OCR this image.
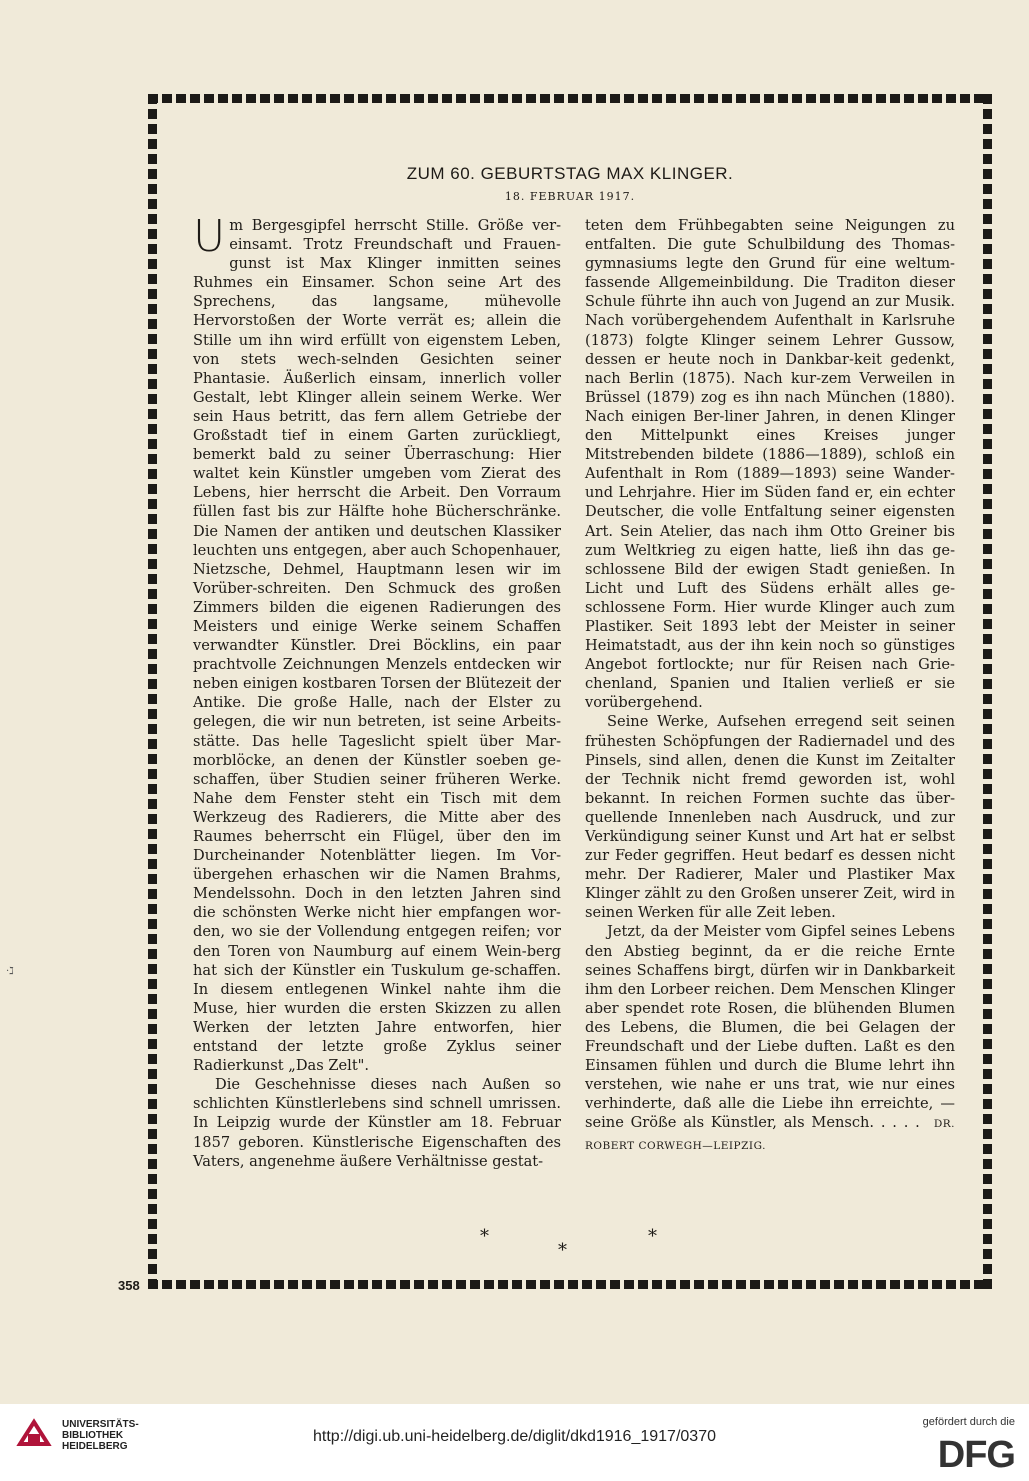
ZUM 60. GEBURTSTAG MAX KLINGER.
18. FEBRUAR 1917.

Um Bergesgipfel herrscht Stille. Größe ver-einsamt. Trotz Freundschaft und Frauen-gunst ist Max Klinger inmitten seines Ruhmes ein Einsamer. Schon seine Art des Sprechens, das langsame, mühevolle Hervorstoßen der Worte verrät es; allein die Stille um ihn wird erfüllt von eigenstem Leben, von stets wech-selnden Gesichten seiner Phantasie. Äußerlich einsam, innerlich voller Gestalt, lebt Klinger allein seinem Werke. Wer sein Haus betritt, das fern allem Getriebe der Großstadt tief in einem Garten zurückliegt, bemerkt bald zu seiner Überraschung: Hier waltet kein Künstler umgeben vom Zierat des Lebens, hier herrscht die Arbeit. Den Vorraum füllen fast bis zur Hälfte hohe Bücherschränke. Die Namen der antiken und deutschen Klassiker leuchten uns entgegen, aber auch Schopenhauer, Nietzsche, Dehmel, Hauptmann lesen wir im Vorüber-schreiten. Den Schmuck des großen Zimmers bilden die eigenen Radierungen des Meisters und einige Werke seinem Schaffen verwandter Künstler. Drei Böcklins, ein paar prachtvolle Zeichnungen Menzels entdecken wir neben einigen kostbaren Torsen der Blütezeit der Antike. Die große Halle, nach der Elster zu gelegen, die wir nun betreten, ist seine Arbeits-stätte. Das helle Tageslicht spielt über Mar-morblöcke, an denen der Künstler soeben ge-schaffen, über Studien seiner früheren Werke. Nahe dem Fenster steht ein Tisch mit dem Werkzeug des Radierers, die Mitte aber des Raumes beherrscht ein Flügel, über den im Durcheinander Notenblätter liegen. Im Vor-übergehen erhaschen wir die Namen Brahms, Mendelssohn. Doch in den letzten Jahren sind die schönsten Werke nicht hier empfangen wor-den, wo sie der Vollendung entgegen reifen; vor den Toren von Naumburg auf einem Wein-berg hat sich der Künstler ein Tuskulum ge-schaffen. In diesem entlegenen Winkel nahte ihm die Muse, hier wurden die ersten Skizzen zu allen Werken der letzten Jahre entworfen, hier entstand der letzte große Zyklus seiner Radierkunst „Das Zelt".

Die Geschehnisse dieses nach Außen so schlichten Künstlerlebens sind schnell umrissen. In Leipzig wurde der Künstler am 18. Februar 1857 geboren. Künstlerische Eigenschaften des Vaters, angenehme äußere Verhältnisse gestat-

teten dem Frühbegabten seine Neigungen zu entfalten. Die gute Schulbildung des Thomas-gymnasiums legte den Grund für eine weltum-fassende Allgemeinbildung. Die Traditon dieser Schule führte ihn auch von Jugend an zur Musik. Nach vorübergehendem Aufenthalt in Karlsruhe (1873) folgte Klinger seinem Lehrer Gussow, dessen er heute noch in Dankbar-keit gedenkt, nach Berlin (1875). Nach kur-zem Verweilen in Brüssel (1879) zog es ihn nach München (1880). Nach einigen Ber-liner Jahren, in denen Klinger den Mittelpunkt eines Kreises junger Mitstrebenden bildete (1886—1889), schloß ein Aufenthalt in Rom (1889—1893) seine Wander- und Lehrjahre. Hier im Süden fand er, ein echter Deutscher, die volle Entfaltung seiner eigensten Art. Sein Atelier, das nach ihm Otto Greiner bis zum Weltkrieg zu eigen hatte, ließ ihn das ge-schlossene Bild der ewigen Stadt genießen. In Licht und Luft des Südens erhält alles ge-schlossene Form. Hier wurde Klinger auch zum Plastiker. Seit 1893 lebt der Meister in seiner Heimatstadt, aus der ihn kein noch so günstiges Angebot fortlockte; nur für Reisen nach Grie-chenland, Spanien und Italien verließ er sie vorübergehend.

Seine Werke, Aufsehen erregend seit seinen frühesten Schöpfungen der Radiernadel und des Pinsels, sind allen, denen die Kunst im Zeitalter der Technik nicht fremd geworden ist, wohl bekannt. In reichen Formen suchte das über-quellende Innenleben nach Ausdruck, und zur Verkündigung seiner Kunst und Art hat er selbst zur Feder gegriffen. Heut bedarf es dessen nicht mehr. Der Radierer, Maler und Plastiker Max Klinger zählt zu den Großen unserer Zeit, wird in seinen Werken für alle Zeit leben.

Jetzt, da der Meister vom Gipfel seines Lebens den Abstieg beginnt, da er die reiche Ernte seines Schaffens birgt, dürfen wir in Dankbarkeit ihm den Lorbeer reichen. Dem Menschen Klinger aber spendet rote Rosen, die blühenden Blumen des Lebens, die Blumen, die bei Gelagen der Freundschaft und der Liebe duften. Laßt es den Einsamen fühlen und durch die Blume lehrt ihn verstehen, wie nahe er uns trat, wie nur eines verhinderte, daß alle die Liebe ihn erreichte, — seine Größe als Künstler, als Mensch. . . . . DR. ROBERT CORWEGH—LEIPZIG.

*
*
*
358
·ℷ
UNIVERSITÄTS-
BIBLIOTHEK
HEIDELBERG
http://digi.ub.uni-heidelberg.de/diglit/dkd1916_1917/0370
gefördert durch die
DFG
